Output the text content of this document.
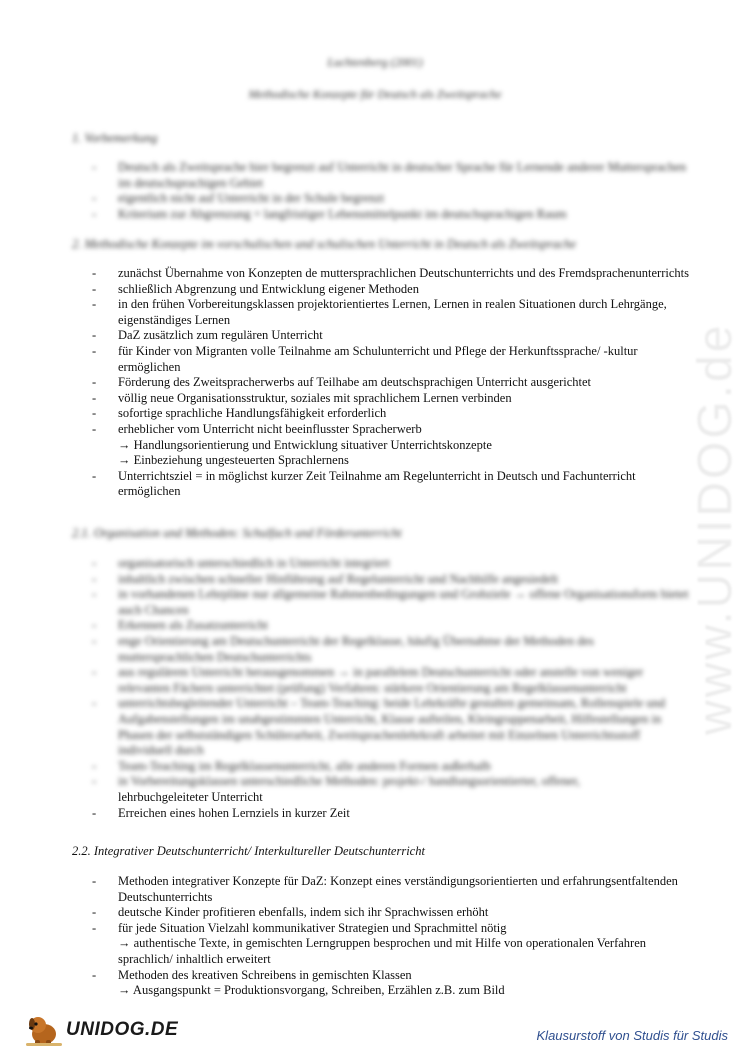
www.UNIDOG.de
Luchtenberg (2001)
Methodische Konzepte für Deutsch als Zweitsprache
1. Vorbemerkung
- Deutsch als Zweitsprache hier begrenzt auf Unterricht in deutscher Sprache für Lernende anderer Muttersprachen im deutschsprachigen Gebiet
- eigentlich nicht auf Unterricht in der Schule begrenzt
- Kriterium zur Abgrenzung = langfristiger Lebensmittelpunkt im deutschsprachigen Raum
2. Methodische Konzepte im vorschulischen und schulischen Unterricht in Deutsch als Zweitsprache
- zunächst Übernahme von Konzepten de muttersprachlichen Deutschunterrichts und des Fremdsprachenunterrichts
- schließlich Abgrenzung und Entwicklung eigener Methoden
- in den frühen Vorbereitungsklassen projektorientiertes Lernen, Lernen in realen Situationen durch Lehrgänge, eigenständiges Lernen
- DaZ zusätzlich zum regulären Unterricht
- für Kinder von Migranten volle Teilnahme am Schulunterricht und Pflege der Herkunftssprache/ -kultur ermöglichen
- Förderung des Zweitspracherwerbs auf Teilhabe am deutschsprachigen Unterricht ausgerichtet
- völlig neue Organisationsstruktur, soziales mit sprachlichem Lernen verbinden
- sofortige sprachliche Handlungsfähigkeit erforderlich
- erheblicher vom Unterricht nicht beeinflusster Spracherwerb
→ Handlungsorientierung und Entwicklung situativer Unterrichtskonzepte
→ Einbeziehung ungesteuerten Sprachlernens
- Unterrichtsziel = in möglichst kurzer Zeit Teilnahme am Regelunterricht in Deutsch und Fachunterricht ermöglichen
2.1. Organisation und Methoden: Schulfach und Förderunterricht
- organisatorisch unterschiedlich in Unterricht integriert
- inhaltlich zwischen schneller Hinführung auf Regelunterricht und Nachhilfe angesiedelt
- in vorhandenen Lehrpläne nur allgemeine Rahmenbedingungen und Grobziele → offene Organisationsform bietet auch Chancen
- Erkennen als Zusatzunterricht
- enge Orientierung am Deutschunterricht der Regelklasse, häufig Übernahme der Methoden des muttersprachlichen Deutschunterrichts
- aus regulärem Unterricht herausgenommen → in parallelem Deutschunterricht oder anstelle von weniger relevanten Fächern unterrichtet (prüfung) Verfahren: stärkere Orientierung am Regelklassenunterricht
- unterrichtsbegleitender Unterricht – Team-Teaching: beide Lehrkräfte gestalten gemeinsam, Rollenspiele und Aufgabenstellungen im unabgestimmten Unterricht, Klasse aufteilen, Kleingruppenarbeit, Hilfestellungen in Phasen der selbstständigen Schülerarbeit, Zweitsprachenlehrkraft arbeitet mit Einzelnen Unterrichtsstoff individuell durch
- Team-Teaching im Regelklassenunterricht, alle anderen Formen außerhalb
- in Vorbereitungsklassen unterschiedliche Methoden: projekt-/ handlungsorientierter, offener,
lehrbuchgeleiteter Unterricht
- Erreichen eines hohen Lernziels in kurzer Zeit
2.2. Integrativer Deutschunterricht/ Interkultureller Deutschunterricht
- Methoden integrativer Konzepte für DaZ: Konzept eines verständigungsorientierten und erfahrungsentfaltenden Deutschunterrichts
- deutsche Kinder profitieren ebenfalls, indem sich ihr Sprachwissen erhöht
- für jede Situation Vielzahl kommunikativer Strategien und Sprachmittel nötig
→ authentische Texte, in gemischten Lerngruppen besprochen und mit Hilfe von operationalen Verfahren sprachlich/ inhaltlich erweitert
- Methoden des kreativen Schreibens in gemischten Klassen
→ Ausgangspunkt = Produktionsvorgang, Schreiben, Erzählen z.B. zum Bild
UNIDOG.DE	Klausurstoff von Studis für Studis
